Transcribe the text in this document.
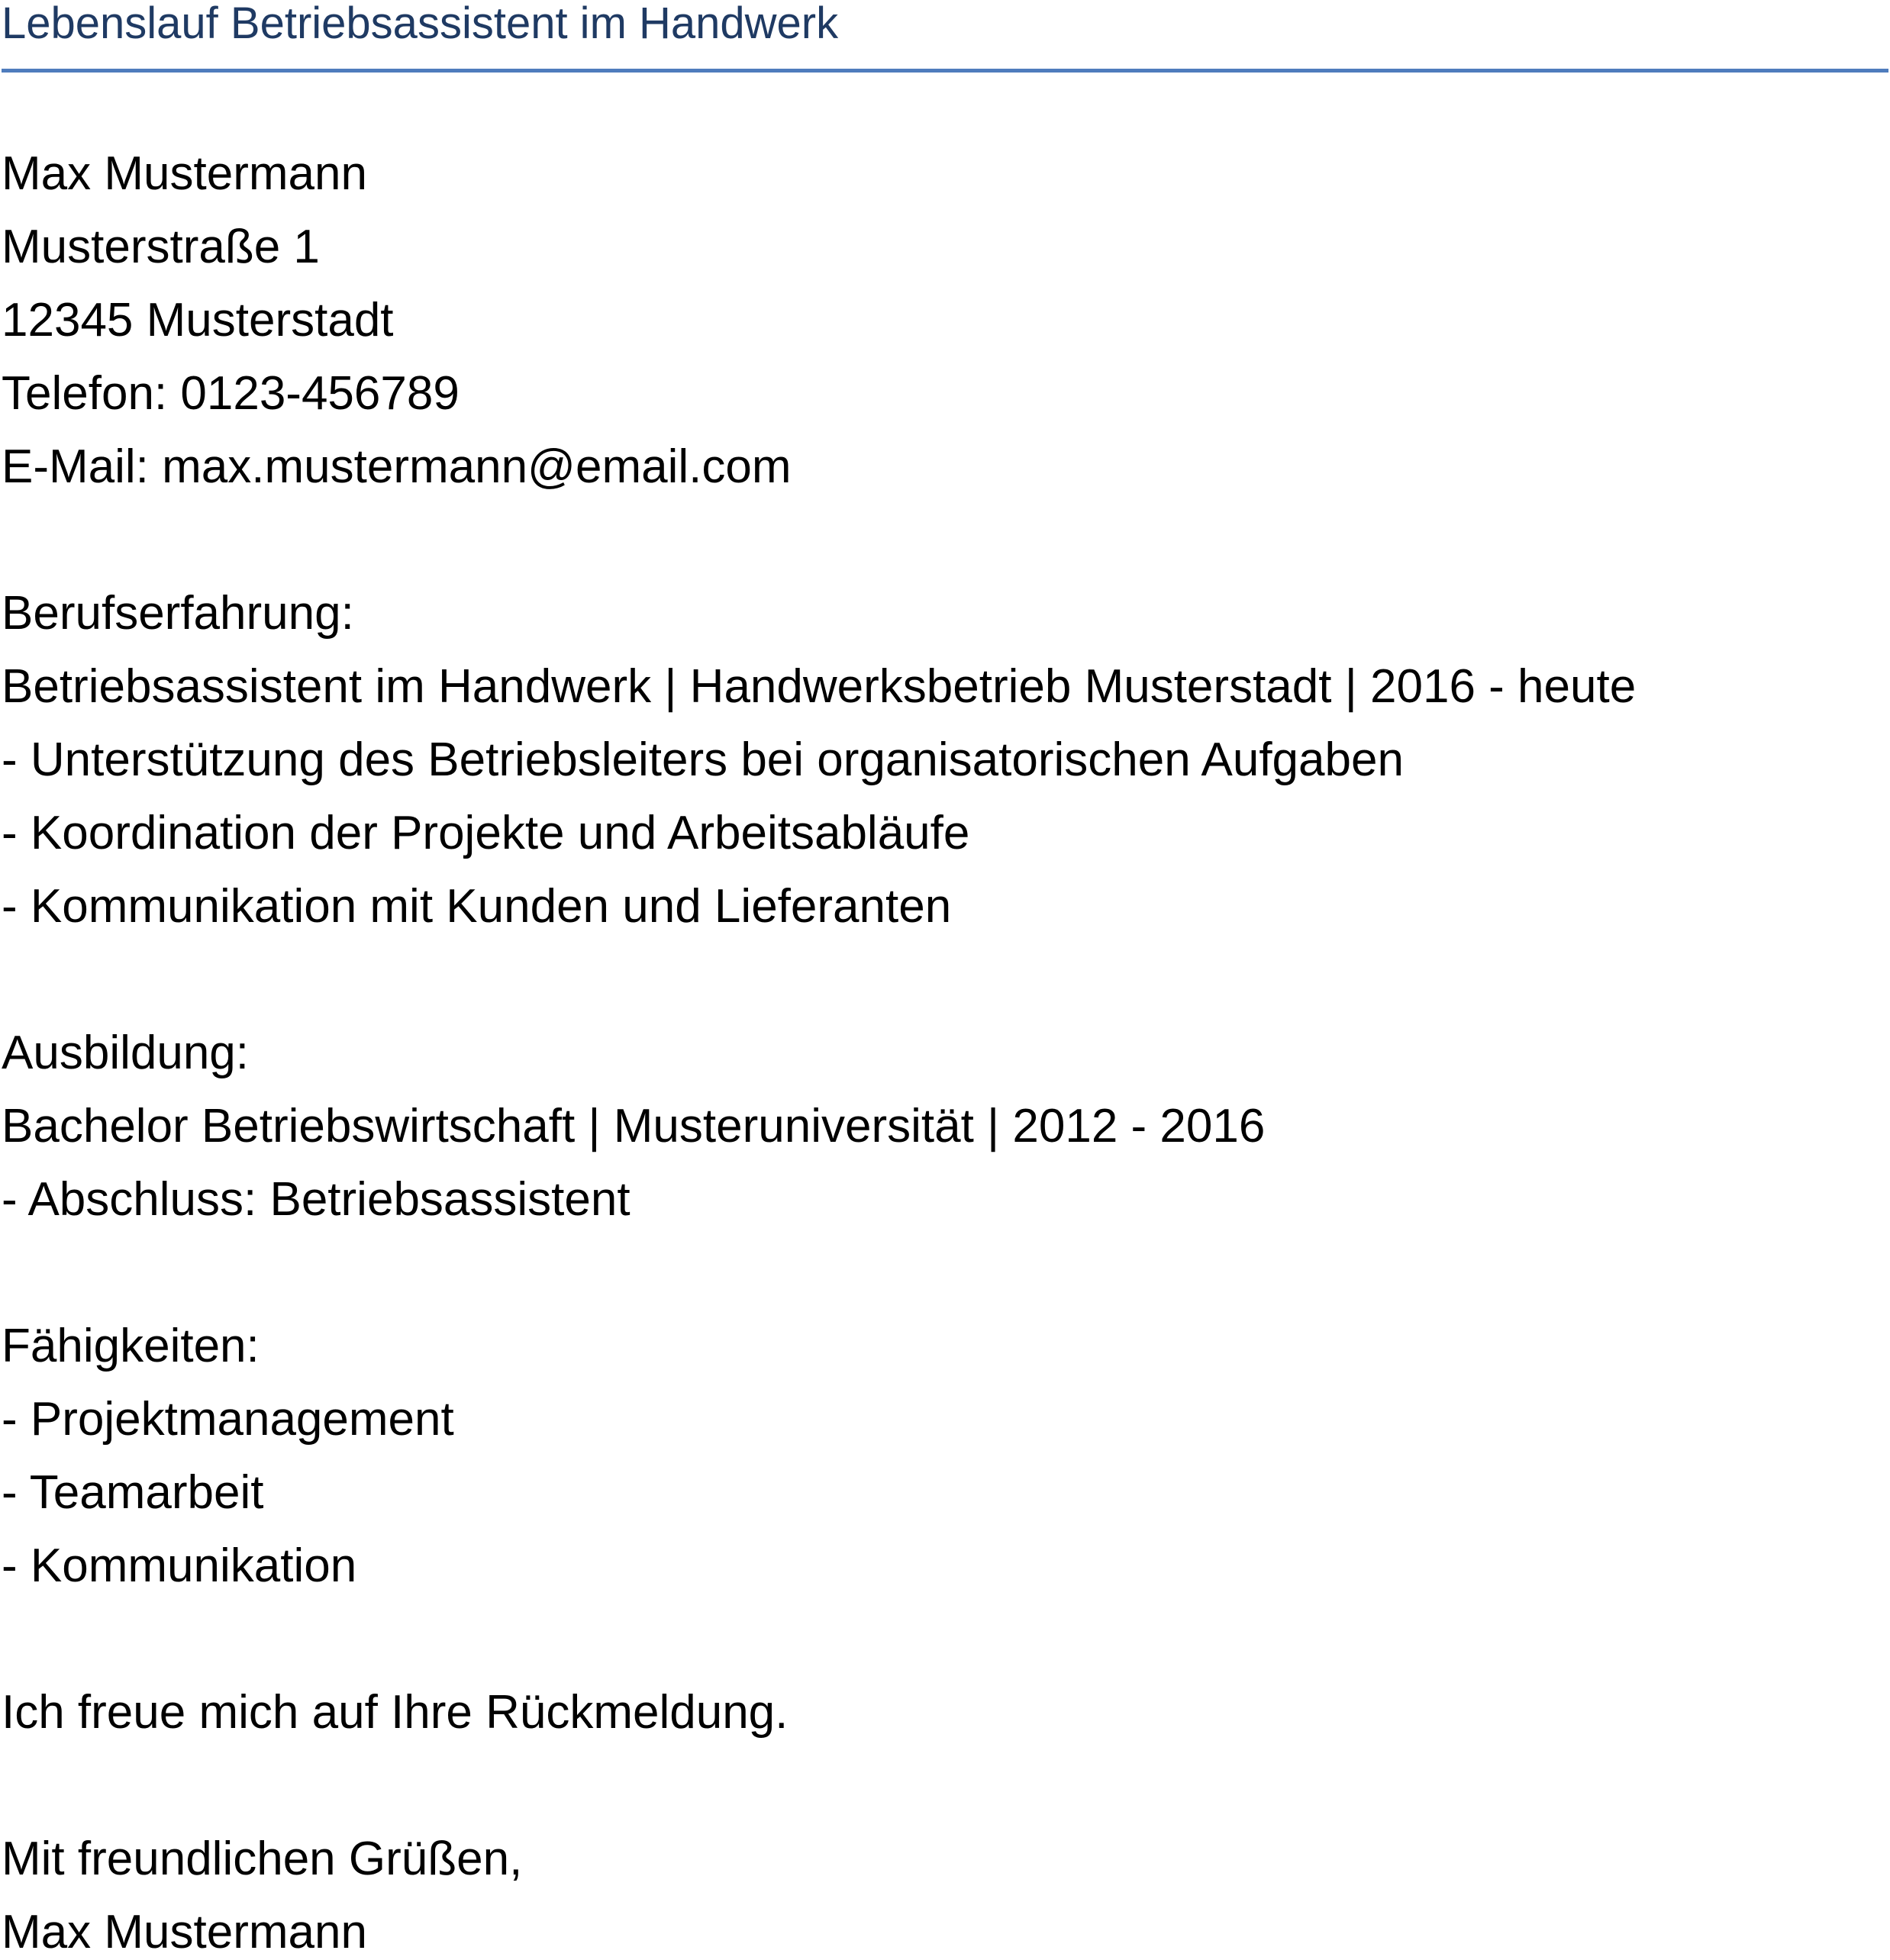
Lebenslauf Betriebsassistent im Handwerk
Max Mustermann
Musterstraße 1
12345 Musterstadt
Telefon: 0123-456789
E-Mail: max.mustermann@email.com
Berufserfahrung:
Betriebsassistent im Handwerk | Handwerksbetrieb Musterstadt | 2016 - heute
- Unterstützung des Betriebsleiters bei organisatorischen Aufgaben
- Koordination der Projekte und Arbeitsabläufe
- Kommunikation mit Kunden und Lieferanten
Ausbildung:
Bachelor Betriebswirtschaft | Musteruniversität | 2012 - 2016
- Abschluss: Betriebsassistent
Fähigkeiten:
- Projektmanagement
- Teamarbeit
- Kommunikation
Ich freue mich auf Ihre Rückmeldung.
Mit freundlichen Grüßen,
Max Mustermann
